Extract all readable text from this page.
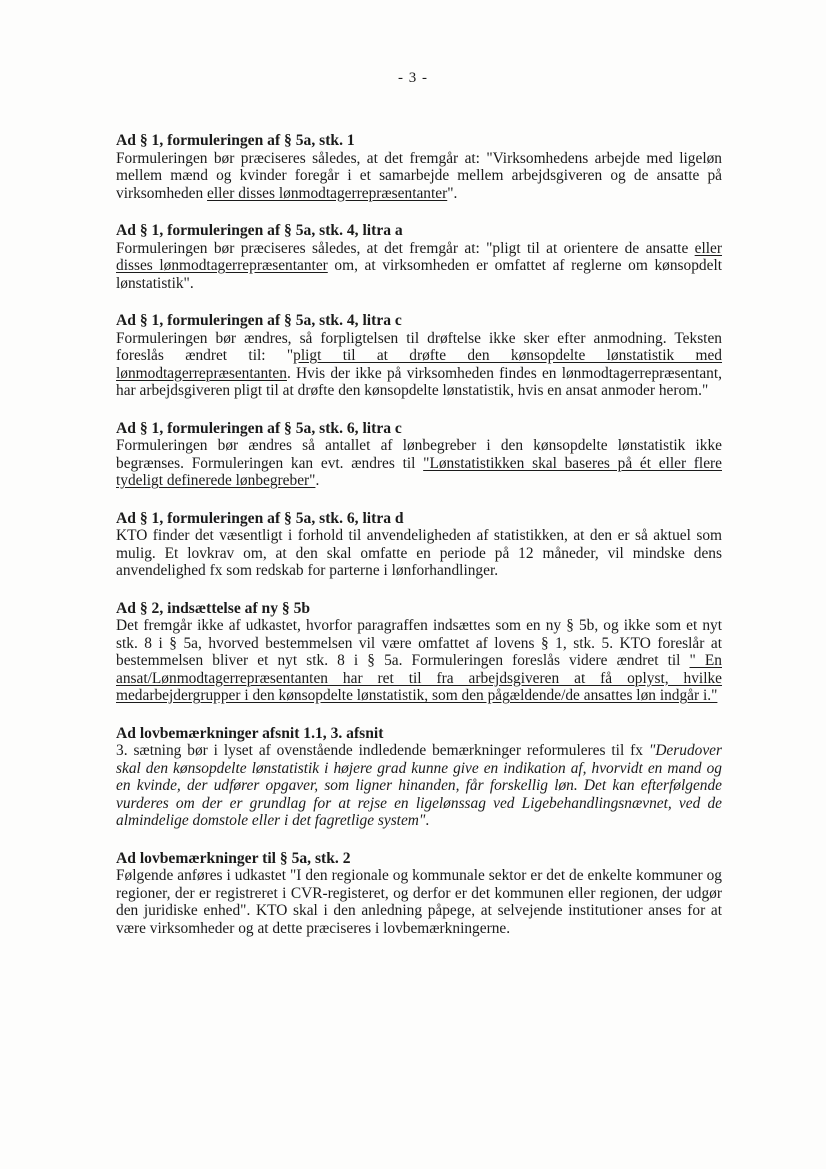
- 3 -

Ad § 1, formuleringen af § 5a, stk. 1

Formuleringen bør præciseres således, at det fremgår at: "Virksomhedens arbejde med ligeløn mellem mænd og kvinder foregår i et samarbejde mellem arbejdsgiveren og de ansatte på virksomheden eller disses lønmodtagerrepræsentanter".

Ad § 1, formuleringen af § 5a, stk. 4, litra a

Formuleringen bør præciseres således, at det fremgår at: "pligt til at orientere de ansatte eller disses lønmodtagerrepræsentanter om, at virksomheden er omfattet af reglerne om kønsopdelt lønstatistik".

Ad § 1, formuleringen af § 5a, stk. 4, litra c

Formuleringen bør ændres, så forpligtelsen til drøftelse ikke sker efter anmodning. Teksten foreslås ændret til: "pligt til at drøfte den kønsopdelte lønstatistik med lønmodtagerrepræsentanten. Hvis der ikke på virksomheden findes en lønmodtagerrepræsentant, har arbejdsgiveren pligt til at drøfte den kønsopdelte lønstatistik, hvis en ansat anmoder herom."

Ad § 1, formuleringen af § 5a, stk. 6, litra c

Formuleringen bør ændres så antallet af lønbegreber i den kønsopdelte lønstatistik ikke begrænses. Formuleringen kan evt. ændres til "Lønstatistikken skal baseres på ét eller flere tydeligt definerede lønbegreber".

Ad § 1, formuleringen af § 5a, stk. 6, litra d

KTO finder det væsentligt i forhold til anvendeligheden af statistikken, at den er så aktuel som mulig. Et lovkrav om, at den skal omfatte en periode på 12 måneder, vil mindske dens anvendelighed fx som redskab for parterne i lønforhandlinger.

Ad § 2, indsættelse af ny § 5b

Det fremgår ikke af udkastet, hvorfor paragraffen indsættes som en ny § 5b, og ikke som et nyt stk. 8 i § 5a, hvorved bestemmelsen vil være omfattet af lovens § 1, stk. 5. KTO foreslår at bestemmelsen bliver et nyt stk. 8 i § 5a. Formuleringen foreslås videre ændret til " En ansat/Lønmodtagerrepræsentanten har ret til fra arbejdsgiveren at få oplyst, hvilke medarbejdergrupper i den kønsopdelte lønstatistik, som den pågældende/de ansattes løn indgår i."

Ad lovbemærkninger afsnit 1.1, 3. afsnit

3. sætning bør i lyset af ovenstående indledende bemærkninger reformuleres til fx "Derudover skal den kønsopdelte lønstatistik i højere grad kunne give en indikation af, hvorvidt en mand og en kvinde, der udfører opgaver, som ligner hinanden, får forskellig løn. Det kan efterfølgende vurderes om der er grundlag for at rejse en ligelønssag ved Ligebehandlingsnævnet, ved de almindelige domstole eller i det fagretlige system".

Ad lovbemærkninger til § 5a, stk. 2

Følgende anføres i udkastet "I den regionale og kommunale sektor er det de enkelte kommuner og regioner, der er registreret i CVR-registeret, og derfor er det kommunen eller regionen, der udgør den juridiske enhed". KTO skal i den anledning påpege, at selvejende institutioner anses for at være virksomheder og at dette præciseres i lovbemærkningerne.
